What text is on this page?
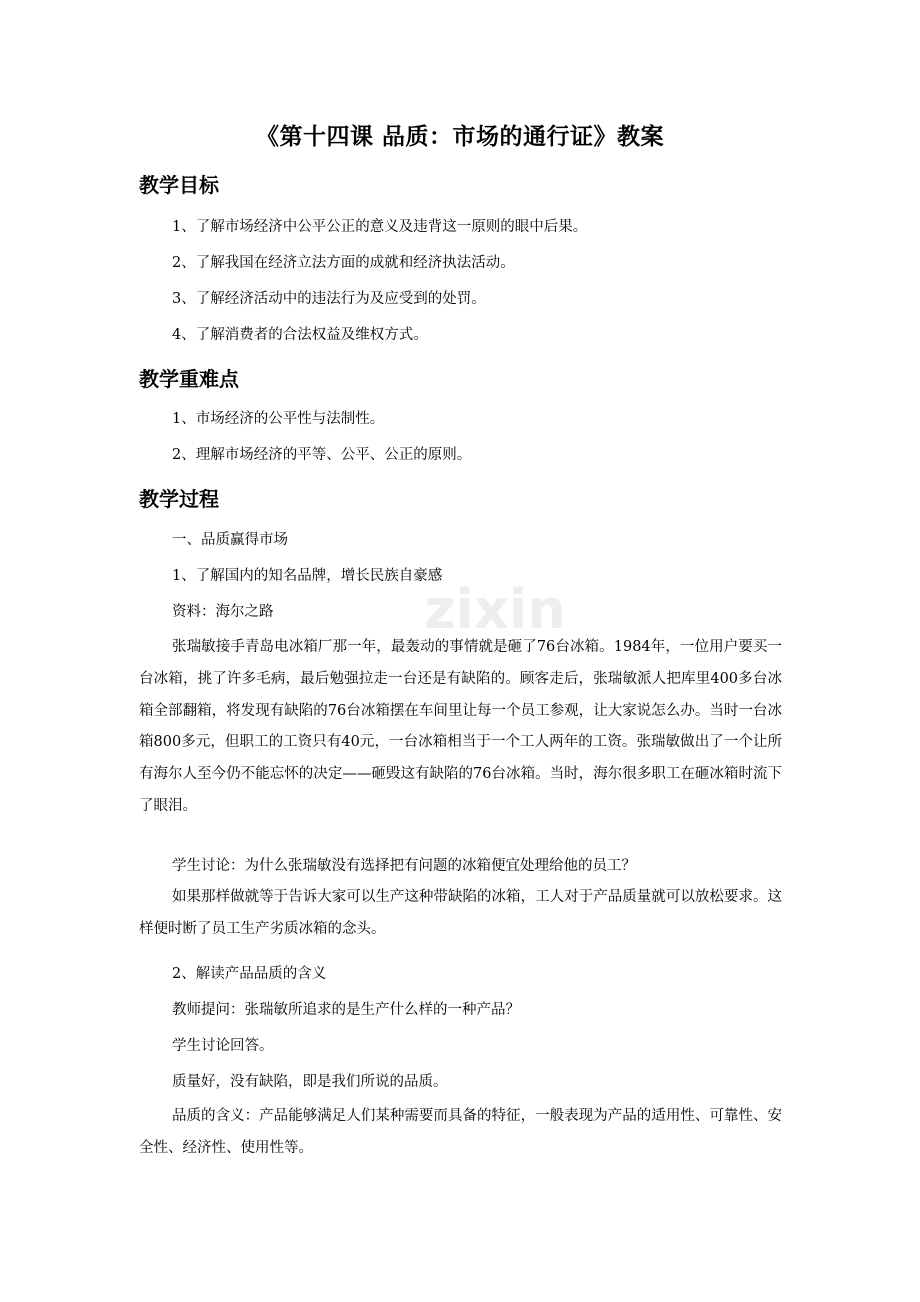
《第十四课 品质：市场的通行证》教案
教学目标
1、了解市场经济中公平公正的意义及违背这一原则的眼中后果。
2、了解我国在经济立法方面的成就和经济执法活动。
3、了解经济活动中的违法行为及应受到的处罚。
4、了解消费者的合法权益及维权方式。
教学重难点
1、市场经济的公平性与法制性。
2、理解市场经济的平等、公平、公正的原则。
教学过程
一、品质赢得市场
1、了解国内的知名品牌，增长民族自豪感
资料：海尔之路
张瑞敏接手青岛电冰箱厂那一年，最轰动的事情就是砸了76台冰箱。1984年，一位用户要买一台冰箱，挑了许多毛病，最后勉强拉走一台还是有缺陷的。顾客走后，张瑞敏派人把库里400多台冰箱全部翻箱，将发现有缺陷的76台冰箱摆在车间里让每一个员工参观，让大家说怎么办。当时一台冰箱800多元，但职工的工资只有40元，一台冰箱相当于一个工人两年的工资。张瑞敏做出了一个让所有海尔人至今仍不能忘怀的决定——砸毁这有缺陷的76台冰箱。当时，海尔很多职工在砸冰箱时流下了眼泪。
学生讨论：为什么张瑞敏没有选择把有问题的冰箱便宜处理给他的员工？
如果那样做就等于告诉大家可以生产这种带缺陷的冰箱，工人对于产品质量就可以放松要求。这样便时断了员工生产劣质冰箱的念头。
2、解读产品品质的含义
教师提问：张瑞敏所追求的是生产什么样的一种产品？
学生讨论回答。
质量好，没有缺陷，即是我们所说的品质。
品质的含义：产品能够满足人们某种需要而具备的特征，一般表现为产品的适用性、可靠性、安全性、经济性、使用性等。
zixin
